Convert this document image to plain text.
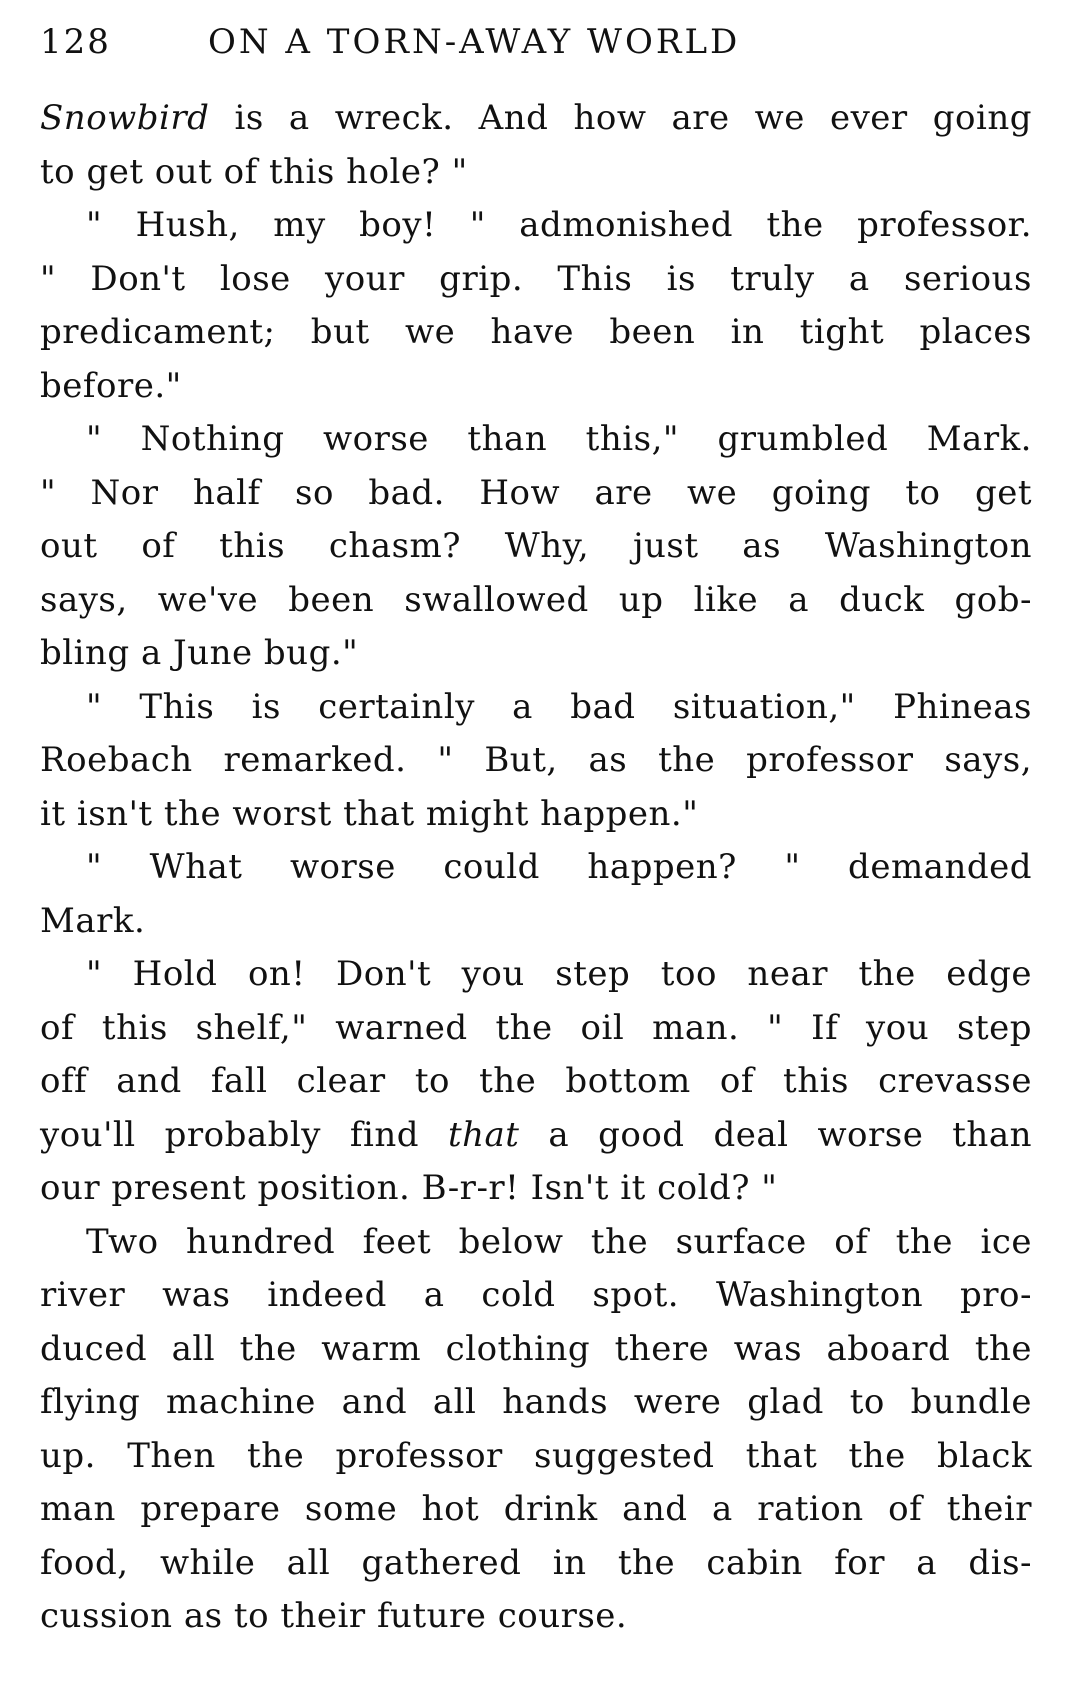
128	ON A TORN-AWAY WORLD
Snowbird is a wreck. And how are we ever going
to get out of this hole? "
" Hush, my boy! " admonished the professor.
" Don't lose your grip. This is truly a serious
predicament; but we have been in tight places
before."
" Nothing worse than this," grumbled Mark.
" Nor half so bad. How are we going to get
out of this chasm? Why, just as Washington
says, we've been swallowed up like a duck gob-
bling a June bug."
" This is certainly a bad situation," Phineas
Roebach remarked. " But, as the professor says,
it isn't the worst that might happen."
" What worse could happen? " demanded
Mark.
" Hold on! Don't you step too near the edge
of this shelf," warned the oil man. " If you step
off and fall clear to the bottom of this crevasse
you'll probably find that a good deal worse than
our present position. B-r-r! Isn't it cold? "
Two hundred feet below the surface of the ice
river was indeed a cold spot. Washington pro-
duced all the warm clothing there was aboard the
flying machine and all hands were glad to bundle
up. Then the professor suggested that the black
man prepare some hot drink and a ration of their
food, while all gathered in the cabin for a dis-
cussion as to their future course.
